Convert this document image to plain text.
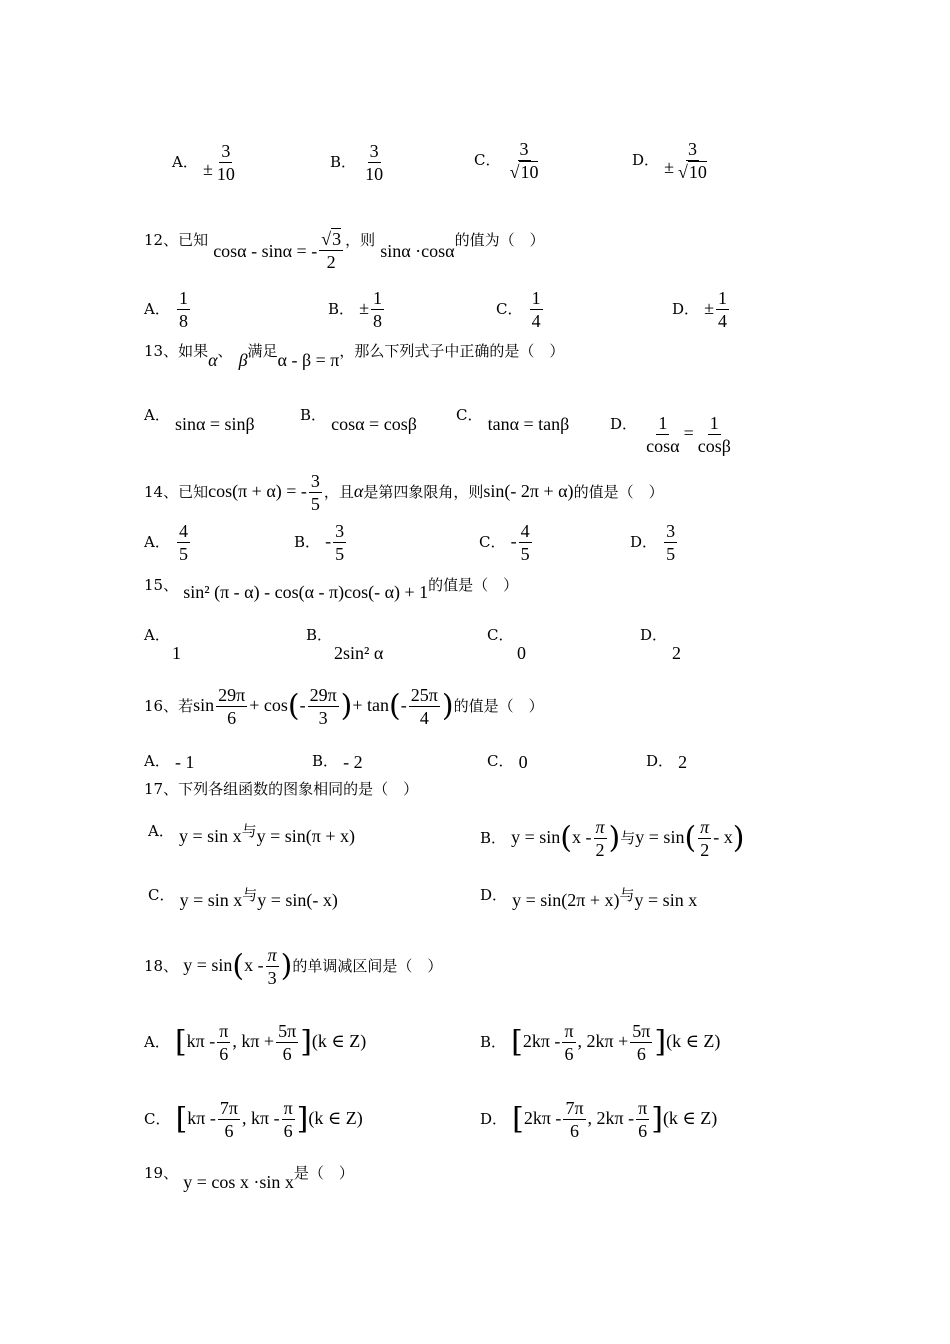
A． ± $\frac{3}{10}$	B． $\frac{3}{10}$	C． $\frac{3}{√10}$	D． ± $\frac{3}{√10}$
12、已知 cosα - sinα = - $\frac{√3}{2}$ ，则 sinα ·cosα的值为（　）
A． $\frac{1}{8}$	B． ± $\frac{1}{8}$	C． $\frac{1}{4}$	D． ± $\frac{1}{4}$
13、如果α、 β满足α - β = π，那么下列式子中正确的是（　）
A． sinα = sinβ	B． cosα = cosβ	C． tanα = tanβ	D． $\frac{1}{\cos\alpha} = \frac{1}{\cos\beta}$
14、已知cos(π + α) = - $\frac{3}{5}$ ，且α是第四象限角，则sin(- 2π + α)的值是（　）
A． $\frac{4}{5}$	B． - $\frac{3}{5}$	C． - $\frac{4}{5}$	D． $\frac{3}{5}$
15、 sin² (π - α) - cos(α - π)cos(- α) + 1的值是（　）
A．
1
B．
2sin² α
C．
0
D．
2
16、若$\sin \frac{29\pi}{6} + \cos(- \frac{29\pi}{3}$ )+ $\tan(- \frac{25\pi}{4}$ )的值是（　）
A． - 1	B． - 2	C． 0	D． 2
17、下列各组函数的图象相同的是（　）
A． y = sin x与y = sin(π + x)	B． $y = \sin(x - \frac{\pi}{2}$ )与$y = \sin( \frac{\pi}{2} - x)$
C． y = sin x与y = sin(- x)	D． y = sin(2π + x)与y = sin x
18、 $y = \sin(x - \frac{\pi}{3}$ )的单调减区间是（　）
A． [$k\pi - \frac{\pi}{6}$ , $k\pi + \frac{5\pi}{6} ](k$ ∈ Z)	B． [$2k\pi - \frac{\pi}{6}$ , $2k\pi + \frac{5\pi}{6} ](k$ ∈ Z)
C． [$k\pi - \frac{7\pi}{6}$ , kπ - $\frac{\pi}{6} ](k$ ∈ Z)	D． [$2k\pi - \frac{7\pi}{6}$ , $2k\pi - \frac{\pi}{6} ](k$ ∈ Z)
19、 y = cos x ·sin x是（　）
